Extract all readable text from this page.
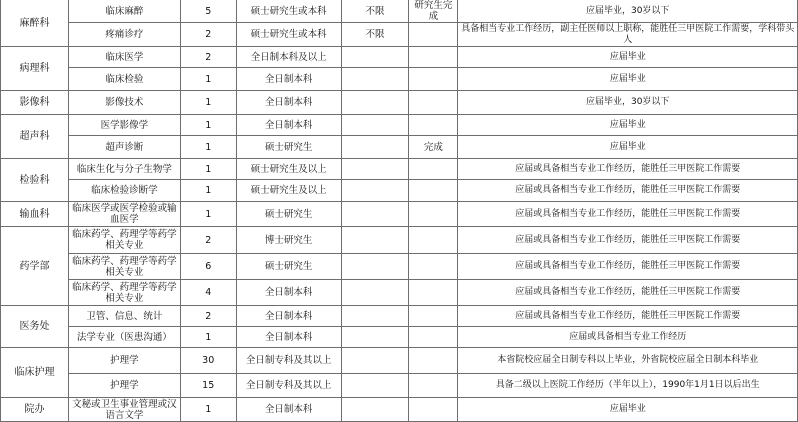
麻醉科	临床麻醉	5	硕士研究生或本科	不限	研究生完成	应届毕业，30岁以下
	疼痛诊疗	2	硕士研究生或本科	不限		具备相当专业工作经历，副主任医师以上职称，能胜任三甲医院工作需要，学科带头人
病理科	临床医学	2	全日制本科及以上			应届毕业
	临床检验	1	全日制本科			应届毕业
影像科	影像技术	1	全日制本科			应届毕业，30岁以下
超声科	医学影像学	1	全日制本科			应届毕业
	超声诊断	1	硕士研究生		完成	应届毕业
检验科	临床生化与分子生物学	1	硕士研究生及以上			应届或具备相当专业工作经历，能胜任三甲医院工作需要
	临床检验诊断学	1	硕士研究生及以上			应届或具备相当专业工作经历，能胜任三甲医院工作需要
输血科	临床医学或医学检验或输血医学	1	硕士研究生			应届或具备相当专业工作经历，能胜任三甲医院工作需要
药学部	临床药学、药理学等药学相关专业	2	博士研究生			应届或具备相当专业工作经历，能胜任三甲医院工作需要
	临床药学、药理学等药学相关专业	6	硕士研究生			应届或具备相当专业工作经历，能胜任三甲医院工作需要
	临床药学、药理学等药学相关专业	4	全日制本科			应届或具备相当专业工作经历，能胜任三甲医院工作需要
医务处	卫管、信息、统计	2	全日制本科			应届或具备相当专业工作经历，能胜任三甲医院工作需要
	法学专业（医患沟通）	1	全日制本科			应届或具备相当专业工作经历
临床护理	护理学	30	全日制专科及其以上			本省院校应届全日制专科以上毕业，外省院校应届全日制本科毕业
	护理学	15	全日制专科及其以上			具备二级以上医院工作经历（半年以上），1990年1月1日以后出生
院办	文秘或卫生事业管理或汉语言文学	1	全日制本科			应届毕业
